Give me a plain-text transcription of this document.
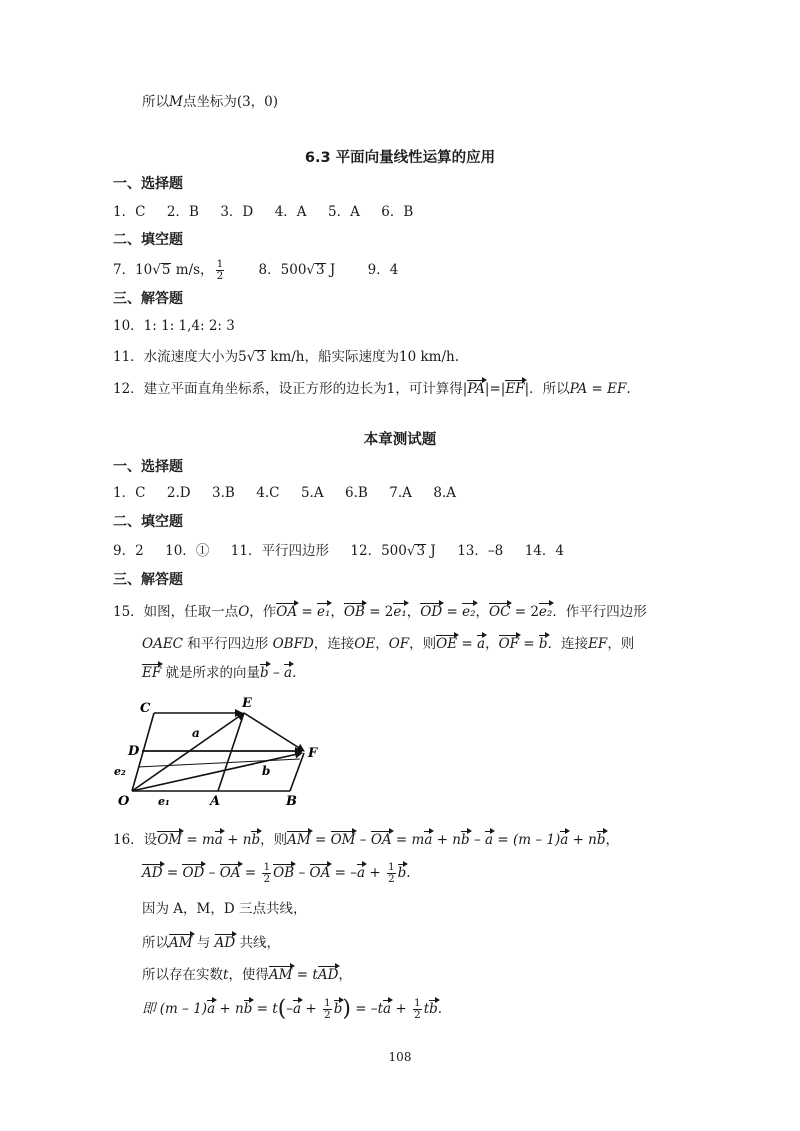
所以M点坐标为(3，0)
6.3 平面向量线性运算的应用
一、选择题
1．C     2．B     3．D     4．A     5．A     6．B
二、填空题
7．10√5 m/s， $\frac{1}{2}$	8．500√3 J 9．4
三、解答题
10．1: 1: 1,4: 2: 3
11．水流速度大小为5√3 km/h，船实际速度为10 km/h.
12．建立平面直角坐标系，设正方形的边长为1，可计算得|PA|=|EF|．所以PA = EF.
本章测试题
一、选择题
1．C     2.D     3.B     4.C     5.A     6.B     7.A     8.A
二、填空题
9．2     10．①     11．平行四边形     12．500√3 J     13．–8     14．4
三、解答题
15．如图，任取一点O，作OA = e₁，OB = 2e₁，OD = e₂，OC = 2e₂．作平行四边形
OAEC 和平行四边形 OBFD，连接OE，OF，则OE = a，OF = b．连接EF，则
EF 就是所求的向量b – a.
C	E
D	F
O	A	B
a
b
e₁
e₂
16．设OM = ma + nb，则AM = OM – OA = ma + nb – a = (m – 1)a + nb，
AD = OD – OA = $\frac{1}{2}$ OB – OA = $-a + \frac{1}{2} b$.
因为 A，M，D 三点共线，
所以AM 与 AD 共线，
所以存在实数t，使得AM = tAD，
即 (m – 1)a + nb = $t(-a + \frac{1}{2} b) = -ta + \frac{1}{2}$ tb.
108
